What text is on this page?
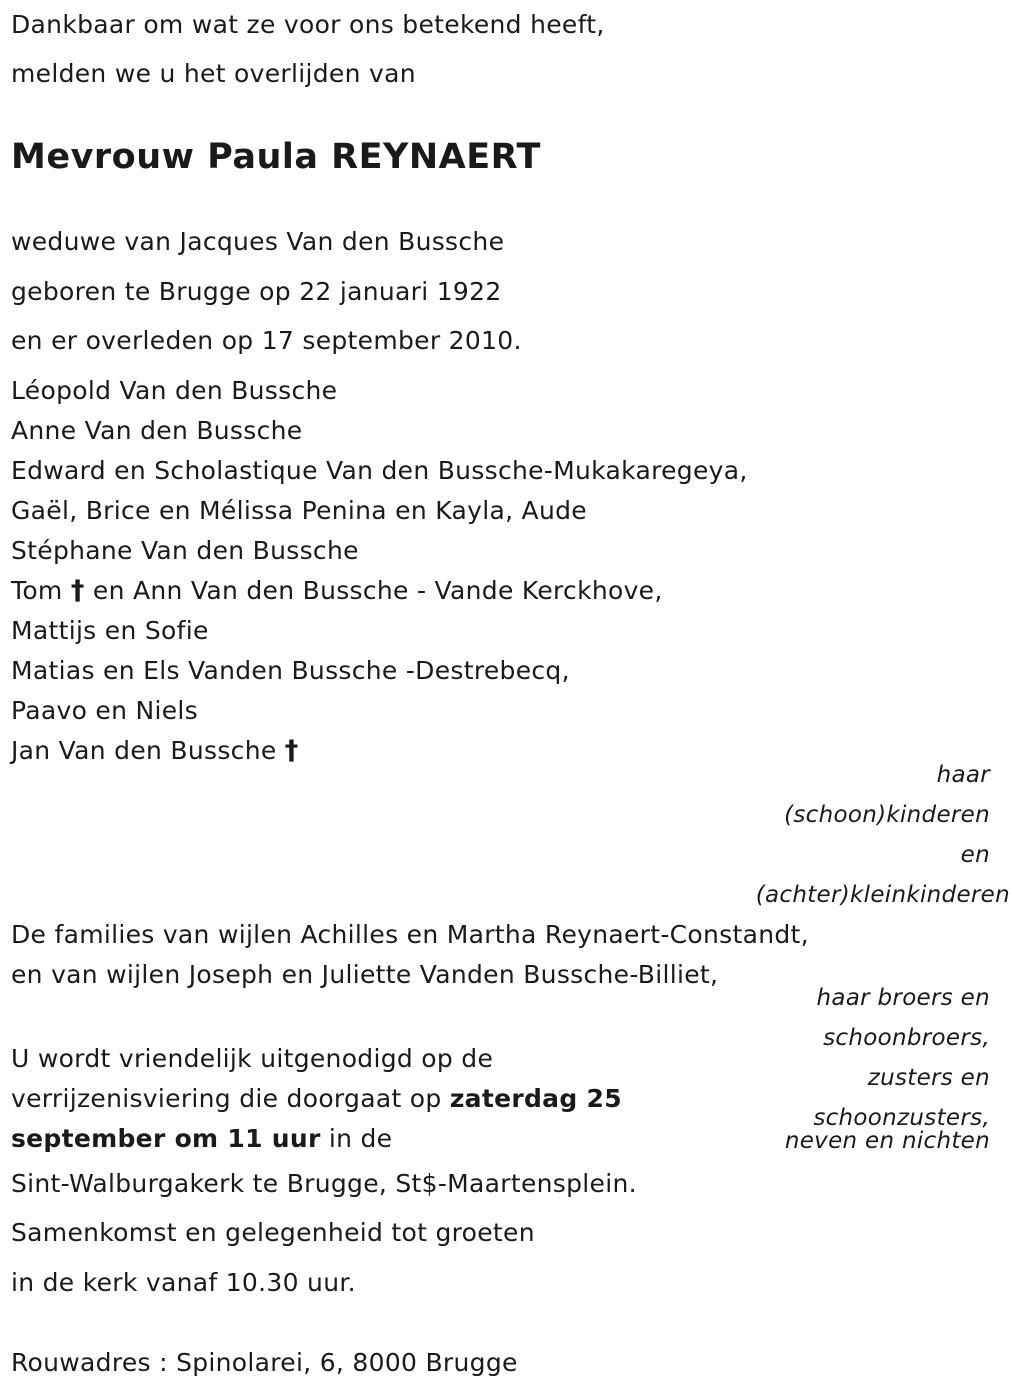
Dankbaar om wat ze voor ons betekend heeft,
melden we u het overlijden van
Mevrouw Paula REYNAERT
weduwe van Jacques Van den Bussche
geboren te Brugge op 22 januari 1922
en er overleden op 17 september 2010.
Léopold Van den Bussche
Anne Van den Bussche
Edward en Scholastique Van den Bussche-Mukakaregeya,
Gaël, Brice en Mélissa Penina en Kayla, Aude
Stéphane Van den Bussche
Tom † en Ann Van den Bussche - Vande Kerckhove,
Mattijs en Sofie
Matias en Els Vanden Bussche -Destrebecq,
Paavo en Niels
Jan Van den Bussche †
haar
(schoon)kinderen
en
(achter)kleinkinderen
De families van wijlen Achilles en Martha Reynaert-Constandt,
en van wijlen Joseph en Juliette Vanden Bussche-Billiet,
haar broers en
schoonbroers,
zusters en
schoonzusters,
neven en nichten
U wordt vriendelijk uitgenodigd op de verrijzenisviering die doorgaat op zaterdag 25 september om 11 uur in de
Sint-Walburgakerk te Brugge, St$-Maartensplein.
Samenkomst en gelegenheid tot groeten
in de kerk vanaf 10.30 uur.
Rouwadres : Spinolarei, 6, 8000 Brugge
